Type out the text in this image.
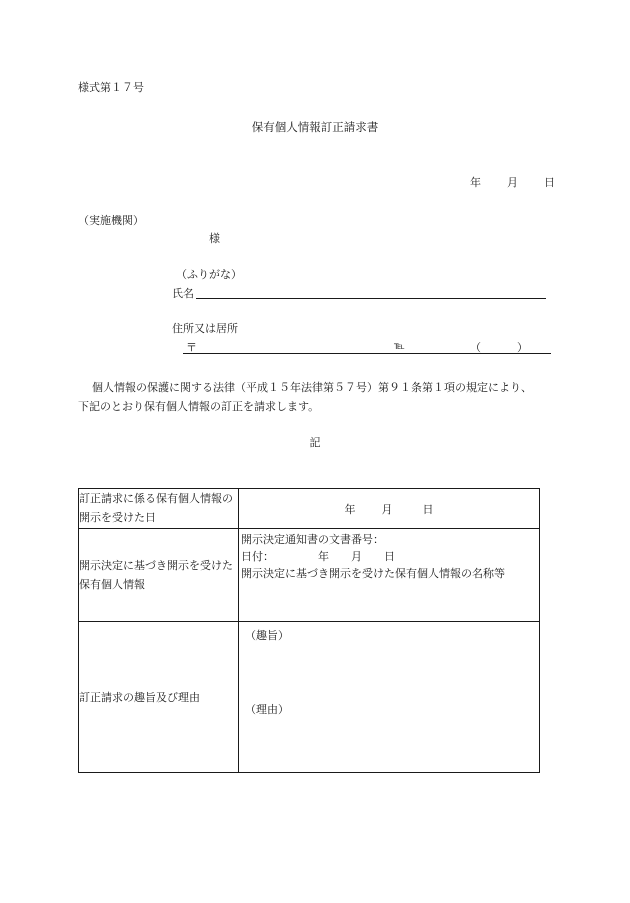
様式第１７号
保有個人情報訂正請求書
年 月 日
（実施機関）
様
（ふりがな）
氏名
住所又は居所
〒	℡	（	）
個人情報の保護に関する法律（平成１５年法律第５７号）第９１条第１項の規定により、
下記のとおり保有個人情報の訂正を請求します。
記
訂正請求に係る保有個人情報の開示を受けた日	年 月 日
開示決定に基づき開示を受けた保有個人情報	開示決定通知書の文書番号：
日付： 年 月 日
開示決定に基づき開示を受けた保有個人情報の名称等

訂正請求の趣旨及び理由	（趣旨）
（理由）
